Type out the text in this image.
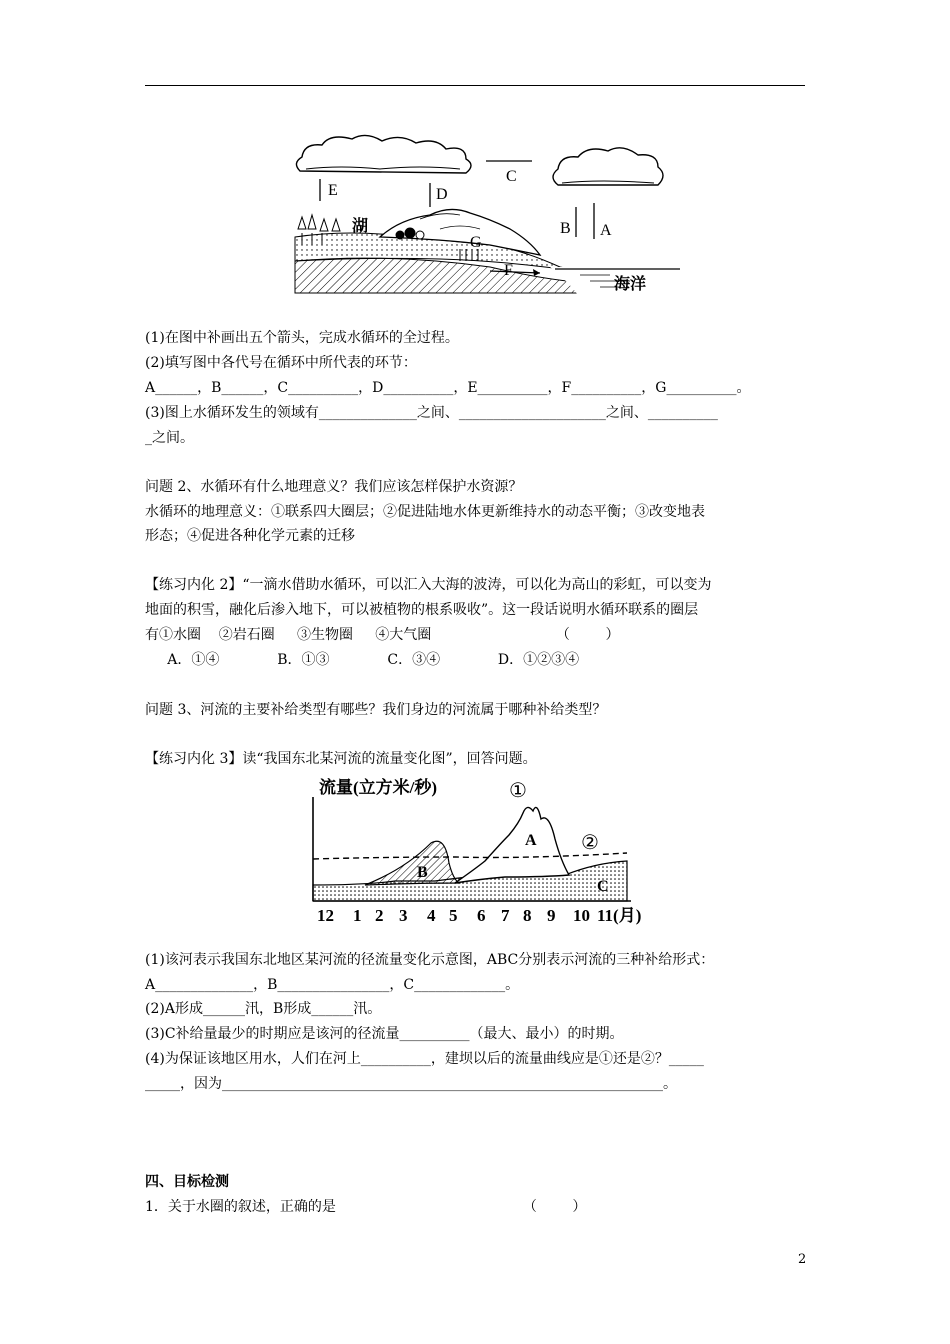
E	D
C
B A
G
F
湖
海洋
(1)在图中补画出五个箭头，完成水循环的全过程。
(2)填写图中各代号在循环中所代表的环节：
A______，B______，C__________，D__________，E__________，F__________，G__________。
(3)图上水循环发生的领域有______________之间、_____________________之间、__________
_之间。
问题 2、水循环有什么地理意义？我们应该怎样保护水资源？
水循环的地理意义：①联系四大圈层；②促进陆地水体更新维持水的动态平衡；③改变地表
形态；④促进各种化学元素的迁移
【练习内化 2】“一滴水借助水循环，可以汇入大海的波涛，可以化为高山的彩虹，可以变为
地面的积雪，融化后渗入地下，可以被植物的根系吸收”。这一段话说明水循环联系的圈层
有①水圈    ②岩石圈     ③生物圈     ④大气圈                            （        ）
A．①④             B．①③             C．③④             D．①②③④
问题 3、河流的主要补给类型有哪些？我们身边的河流属于哪种补给类型？
【练习内化 3】读“我国东北某河流的流量变化图”，回答问题。
流量(立方米/秒)	①
②
A
B
C
12 1 2 3 4 5 6 7 8 9 10 11(月)
(1)该河表示我国东北地区某河流的径流量变化示意图，ABC分别表示河流的三种补给形式：
A______________，B________________，C_____________。
(2)A形成______汛，B形成______汛。
(3)C补给量最少的时期应是该河的径流量__________（最大、最小）的时期。
(4)为保证该地区用水，人们在河上__________，建坝以后的流量曲线应是①还是②？_____
_____，因为_______________________________________________________________。
四、目标检测
1．关于水圈的叙述，正确的是                                          （        ）
2
